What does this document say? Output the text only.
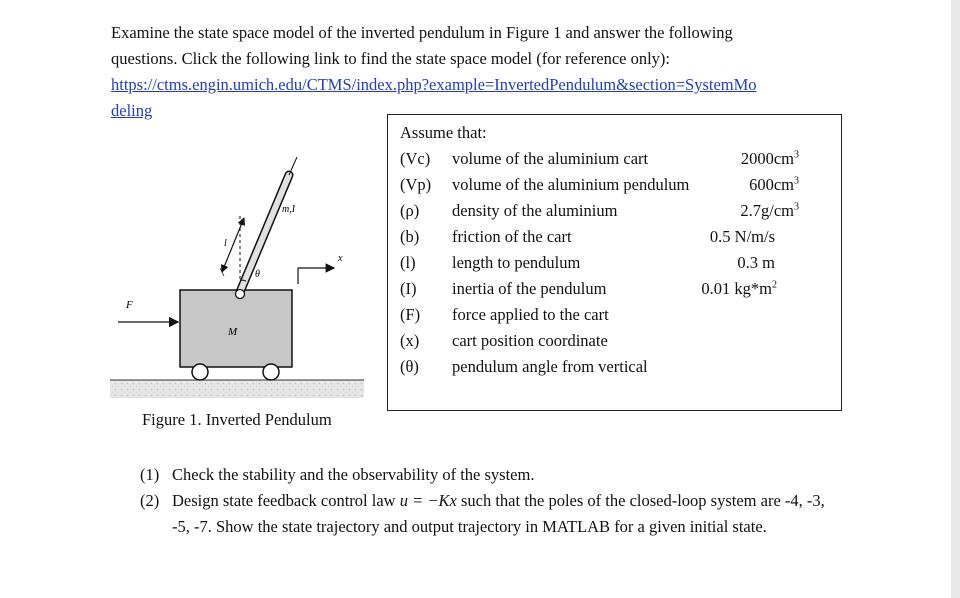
Examine the state space model of the inverted pendulum in Figure 1 and answer the following

questions. Click the following link to find the state space model (for reference only):

https://ctms.engin.umich.edu/CTMS/index.php?example=InvertedPendulum&section=SystemMo

deling

m,I
l
θ
x
F
M
Figure 1. Inverted Pendulum
Assume that:
(Vc) volume of the aluminium cart	$2000cm^3$
(Vp) volume of the aluminium pendulum	$600cm^3$
(ρ) density of the aluminium	$2.7g/cm^3$
(b) friction of the cart	0.5 N/m/s
(l) length to pendulum	0.3 m
(I) inertia of the pendulum	0.01 $kg*m^2$
(F) force applied to the cart
(x) cart position coordinate
(θ) pendulum angle from vertical

(1) Check the stability and the observability of the system.

(2) Design state feedback control law u = −Kx such that the poles of the closed-loop system are -4, -3, -5, -7. Show the state trajectory and output trajectory in MATLAB for a given initial state.
